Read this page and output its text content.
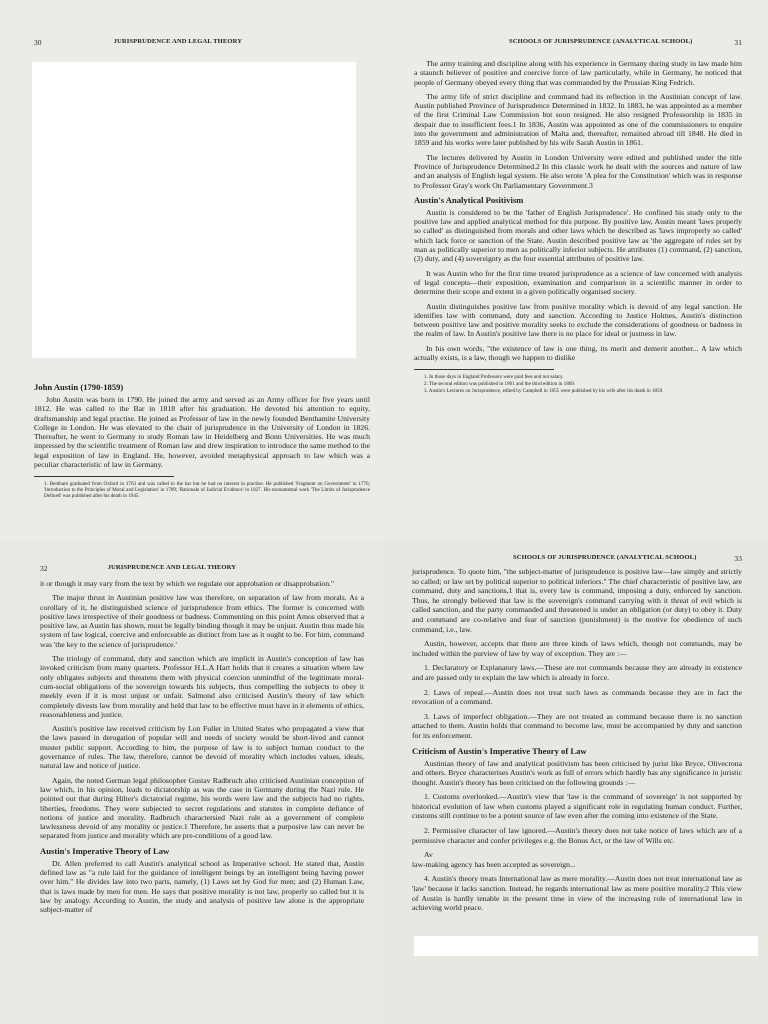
30	JURISPRUDENCE AND LEGAL THEORY
John Austin (1790-1859)

John Austin was born in 1790. He joined the army and served as an Army officer for five years until 1812. He was called to the Bar in 1818 after his graduation. He devoted his attention to equity, draftsmanship and legal practise. He joined as Professor of law in the newly founded Benthamite University College in London. He was elevated to the chair of jurisprudence in the University of London in 1826. Thereafter, he went to Germany to study Roman law in Heidelberg and Bonn Universities. He was much impressed by the scientific treatment of Roman law and drew inspiration to introduce the same method to the legal exposition of law in England. He, however, avoided metaphysical approach to law which was a peculiar characteristic of law in Germany.

1. Bentham graduated from Oxford in 1763 and was called to the bar but he had no interest in practise. He published 'Fragment on Government' in 1776; 'Introduction to the Principles of Moral and Legislation' in 1789; 'Rationale of Judicial Evidence' in 1827. His monumental work 'The Limits of Jurisprudence Defined' was published after his death in 1945.

SCHOOLS OF JURISPRUDENCE (ANALYTICAL SCHOOL)	31

The army training and discipline along with his experience in Germany during study in law made him a staunch believer of positive and coercive force of law particularly, while in Germany, he noticed that people of Germany obeyed every thing that was commanded by the Prussian King Fedrich.

The army life of strict discipline and command had its reflection in the Austinian concept of law. Austin published Province of Jurisprudence Determined in 1832. In 1883, he was appointed as a member of the first Criminal Law Commission but soon resigned. He also resigned Professorship in 1835 in despair due to insufficient fees.1 In 1836, Austin was appointed as one of the commissioners to enquire into the government and administration of Malta and, thereafter, remained abroad till 1848. He died in 1859 and his works were later published by his wife Sarah Austin in 1861.

The lectures delivered by Austin in London University were edited and published under the title Province of Jurisprudence Determined.2 In this classic work he dealt with the sources and nature of law and an analysis of English legal system. He also wrote 'A plea for the Constitution' which was in response to Professor Gray's work On Parliamentary Government.3

Austin's Analytical Positivism

Austin is considered to be the 'father of English Jurisprudence'. He confined his study only to the positive law and applied analytical method for this purpose. By positive law, Austin meant 'laws properly so called' as distinguished from morals and other laws which he described as 'laws improperly so called' which lack force or sanction of the State. Austin described positive law as 'the aggregate of rules set by man as politically superior to men as politically inferior subjects. He attributes (1) command, (2) sanction, (3) duty, and (4) sovereignty as the four essential attributes of positive law.

It was Austin who for the first time treated jurisprudence as a science of law concerned with analysis of legal concepts—their exposition, examination and comparison in a scientific manner in order to determine their scope and extent in a given politically organised society.

Austin distinguishes positive law from positive morality which is devoid of any legal sanction. He identifies law with command, duty and sanction. According to Justice Holmes, Austin's distinction between positive law and positive morality seeks to exclude the considerations of goodness or badness in the realm of law. In Austin's positive law there is no place for ideal or justness in law.

In his own words, "the existence of law is one thing, its merit and demerit another... A law which actually exists, is a law, though we happen to dislike

1. In those days in England Professors were paid fees and not salary.

2. The second edition was published in 1861 and the third edition in 1869.

3. Austin's Lectures on Jurisprudence, edited by Campbell in 1855 were published by his wife after his death in 1859.

32	JURISPRUDENCE AND LEGAL THEORY

it or though it may vary from the text by which we regulate our approbation or disapprobation."

The major thrust in Austinian positive law was therefore, on separation of law from morals. As a corollary of it, he distinguished science of jurisprudence from ethics. The former is concerned with positive laws irrespective of their goodness or badness. Commenting on this point Amos observed that a positive law, as Austin has shown, must be legally binding though it may be unjust. Austin thus made his system of law logical, coercive and enforceable as distinct from law as it ought to be. For him, command was 'the key to the science of jurisprudence.'

The triology of command, duty and sanction which are implicit in Austin's conception of law has invoked criticism from many quarters. Professor H.L.A Hart holds that it creates a situation where law only obligates subjects and threatens them with physical coercion unmindful of the legitimate moral-cum-social obligations of the sovereign towards his subjects, thus compelling the subjects to obey it meekly even if it is most unjust or unfair. Salmond also criticised Austin's theory of law which completely divests law from morality and held that law to be effective must have in it elements of ethics, reasonableness and justice.

Austin's positive law received criticism by Lon Fuller in United States who propagated a view that the laws passed in derogation of popular will and needs of society would be short-lived and cannot muster public support. According to him, the purpose of law is to subject human conduct to the governance of rules. The law, therefore, cannot be devoid of morality which includes values, ideals, natural law and notice of justice.

Again, the noted German legal philosopher Gustav Radbruch also criticised Austinian conception of law which, in his opinion, leads to dictatorship as was the case in Germany during the Nazi rule. He pointed out that during Hilter's dictatorial regime, his words were law and the subjects had no rights, liberties, freedoms. They were subjected to secret regulations and statutes in complete defiance of notions of justice and morality. Radbruch charactersied Nazi rule as a government of complete lawlessness devoid of any morality or justice.1 Therefore, he asserts that a purposive law can never be separated from justice and morality which are pre-conditions of a good law.

Austin's Imperative Theory of Law

Dr. Allen preferred to call Austin's analytical school as Imperative school. He stated that, Austin defined law as "a rule laid for the guidance of intelligent beings by an intelligent being having power over him." He divides law into two parts, namely, (1) Laws set by God for men; and (2) Human Law, that is laws made by men for men. He says that positive morality is not law, properly so called but it is law by analogy. According to Austin, the study and analysis of positive law alone is the appropriate subject-matter of

SCHOOLS OF JURISPRUDENCE (ANALYTICAL SCHOOL)	33

jurisprudence. To quote him, "the subject-matter of jurisprudence is positive law—law simply and strictly so called; or law set by political superior to political inferiors." The chief characteristic of positive law, are command, duty and sanctions,1 that is, every law is command, imposing a duty, enforced by sanction. Thus, he strongly believed that law is the sovereign's command carrying with it threat of evil which is called sanction, and the party commanded and threatened is under an obligation (or duty) to obey it. Duty and command are co-relative and fear of sanction (punishment) is the motive for obedience of such command, i.e., law.

Austin, however, accepts that there are three kinds of laws which, though not commands, may be included within the purview of law by way of exception. They are :—

1. Declaratory or Explanatory laws.—These are not commands because they are already in existence and are passed only to explain the law which is already in force.

2. Laws of repeal.—Austin does not treat such laws as commands because they are in fact the revocation of a command.

3. Laws of imperfect obligation.—They are not treated as command because there is no sanction attached to them. Austin holds that command to become law, must be accompanied by duty and sanction for its enforcement.

Criticism of Austin's Imperative Theory of Law

Austinian theory of law and analytical positivism has been criticised by jurist like Bryce, Olivecrona and others. Bryce characterises Austin's work as full of errors which hardly has any significance in juristic thought. Austin's theory has been criticised on the following grounds :—

1. Customs overlooked.—Austin's view that 'law is the command of sovereign' is not supported by historical evolution of law when customs played a significant role in regulating human conduct. Further, customs still continue to be a potent source of law even after the coming into existence of the State.

2. Permissive character of law ignored.—Austin's theory does not take notice of laws which are of a permissive character and confer privileges e.g. the Bonus Act, or the law of Wills etc.

Av

law-making agency has been accepted as sovereign...

4. Austin's theory treats International law as mere morality.—Austin does not treat international law as 'law' because it lacks sanction. Instead, he regards international law as mere positive morality.2 This view of Austin is hardly tenable in the present time in view of the increasing role of international law in achieving world peace.
